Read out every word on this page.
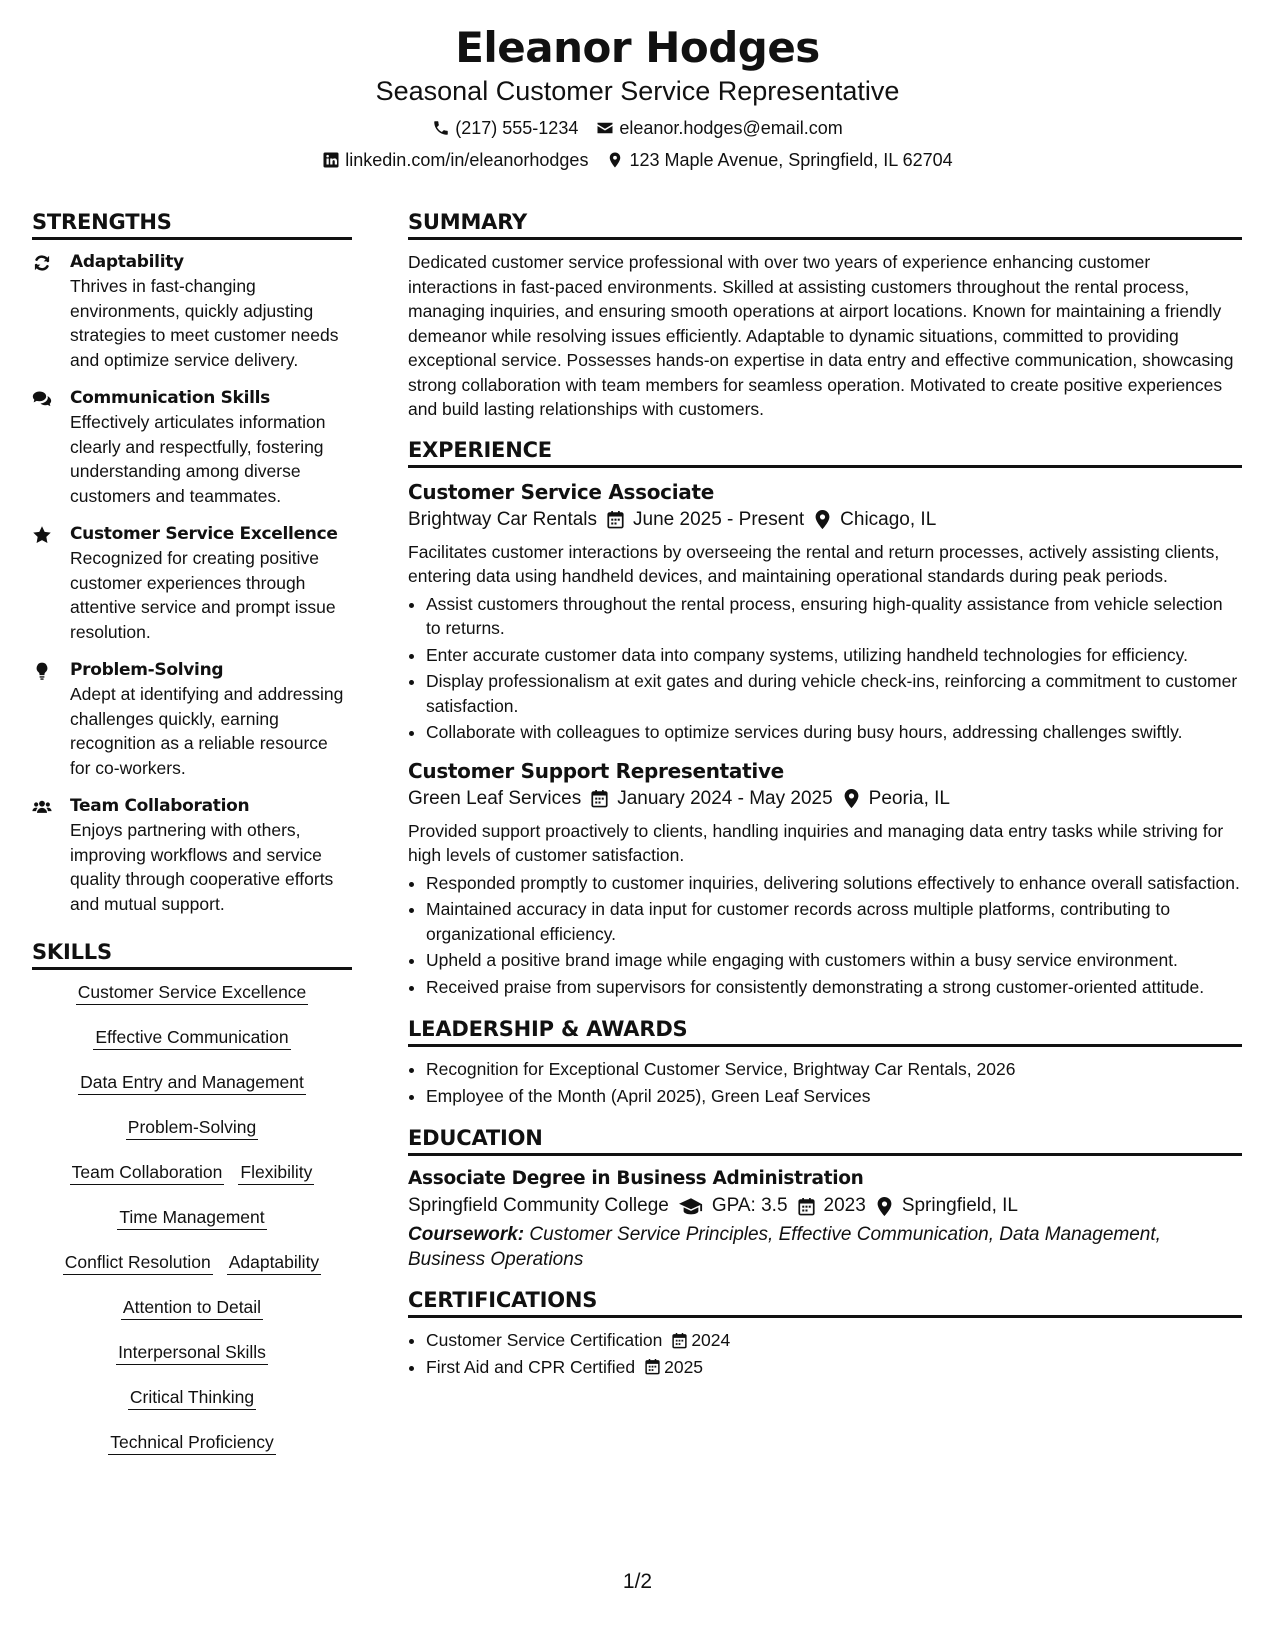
Eleanor Hodges
Seasonal Customer Service Representative
(217) 555-1234 eleanor.hodges@email.com
linkedin.com/in/eleanorhodges 123 Maple Avenue, Springfield, IL 62704
STRENGTHS
Adaptability
Thrives in fast-changing environments, quickly adjusting strategies to meet customer needs and optimize service delivery.
Communication Skills
Effectively articulates information clearly and respectfully, fostering understanding among diverse customers and teammates.
Customer Service Excellence
Recognized for creating positive customer experiences through attentive service and prompt issue resolution.
Problem-Solving
Adept at identifying and addressing challenges quickly, earning recognition as a reliable resource for co-workers.
Team Collaboration
Enjoys partnering with others, improving workflows and service quality through cooperative efforts and mutual support.
SKILLS
Customer Service Excellence
Effective Communication
Data Entry and Management
Problem-Solving
Team Collaboration Flexibility
Time Management
Conflict Resolution Adaptability
Attention to Detail
Interpersonal Skills
Critical Thinking
Technical Proficiency
SUMMARY

Dedicated customer service professional with over two years of experience enhancing customer interactions in fast-paced environments. Skilled at assisting customers throughout the rental process, managing inquiries, and ensuring smooth operations at airport locations. Known for maintaining a friendly demeanor while resolving issues efficiently. Adaptable to dynamic situations, committed to providing exceptional service. Possesses hands-on expertise in data entry and effective communication, showcasing strong collaboration with team members for seamless operation. Motivated to create positive experiences and build lasting relationships with customers.

EXPERIENCE
Customer Service Associate
Brightway Car Rentals June 2025 - Present Chicago, IL

Facilitates customer interactions by overseeing the rental and return processes, actively assisting clients, entering data using handheld devices, and maintaining operational standards during peak periods.

• Assist customers throughout the rental process, ensuring high-quality assistance from vehicle selection to returns.
• Enter accurate customer data into company systems, utilizing handheld technologies for efficiency.
• Display professionalism at exit gates and during vehicle check-ins, reinforcing a commitment to customer satisfaction.
• Collaborate with colleagues to optimize services during busy hours, addressing challenges swiftly.
Customer Support Representative
Green Leaf Services January 2024 - May 2025 Peoria, IL

Provided support proactively to clients, handling inquiries and managing data entry tasks while striving for high levels of customer satisfaction.

• Responded promptly to customer inquiries, delivering solutions effectively to enhance overall satisfaction.
• Maintained accuracy in data input for customer records across multiple platforms, contributing to organizational efficiency.
• Upheld a positive brand image while engaging with customers within a busy service environment.
• Received praise from supervisors for consistently demonstrating a strong customer-oriented attitude.
LEADERSHIP & AWARDS
• Recognition for Exceptional Customer Service, Brightway Car Rentals, 2026
• Employee of the Month (April 2025), Green Leaf Services
EDUCATION
Associate Degree in Business Administration
Springfield Community College GPA: 3.5 2023 Springfield, IL
Coursework: Customer Service Principles, Effective Communication, Data Management, Business Operations
CERTIFICATIONS
• Customer Service Certification 2024
• First Aid and CPR Certified 2025
1/2
